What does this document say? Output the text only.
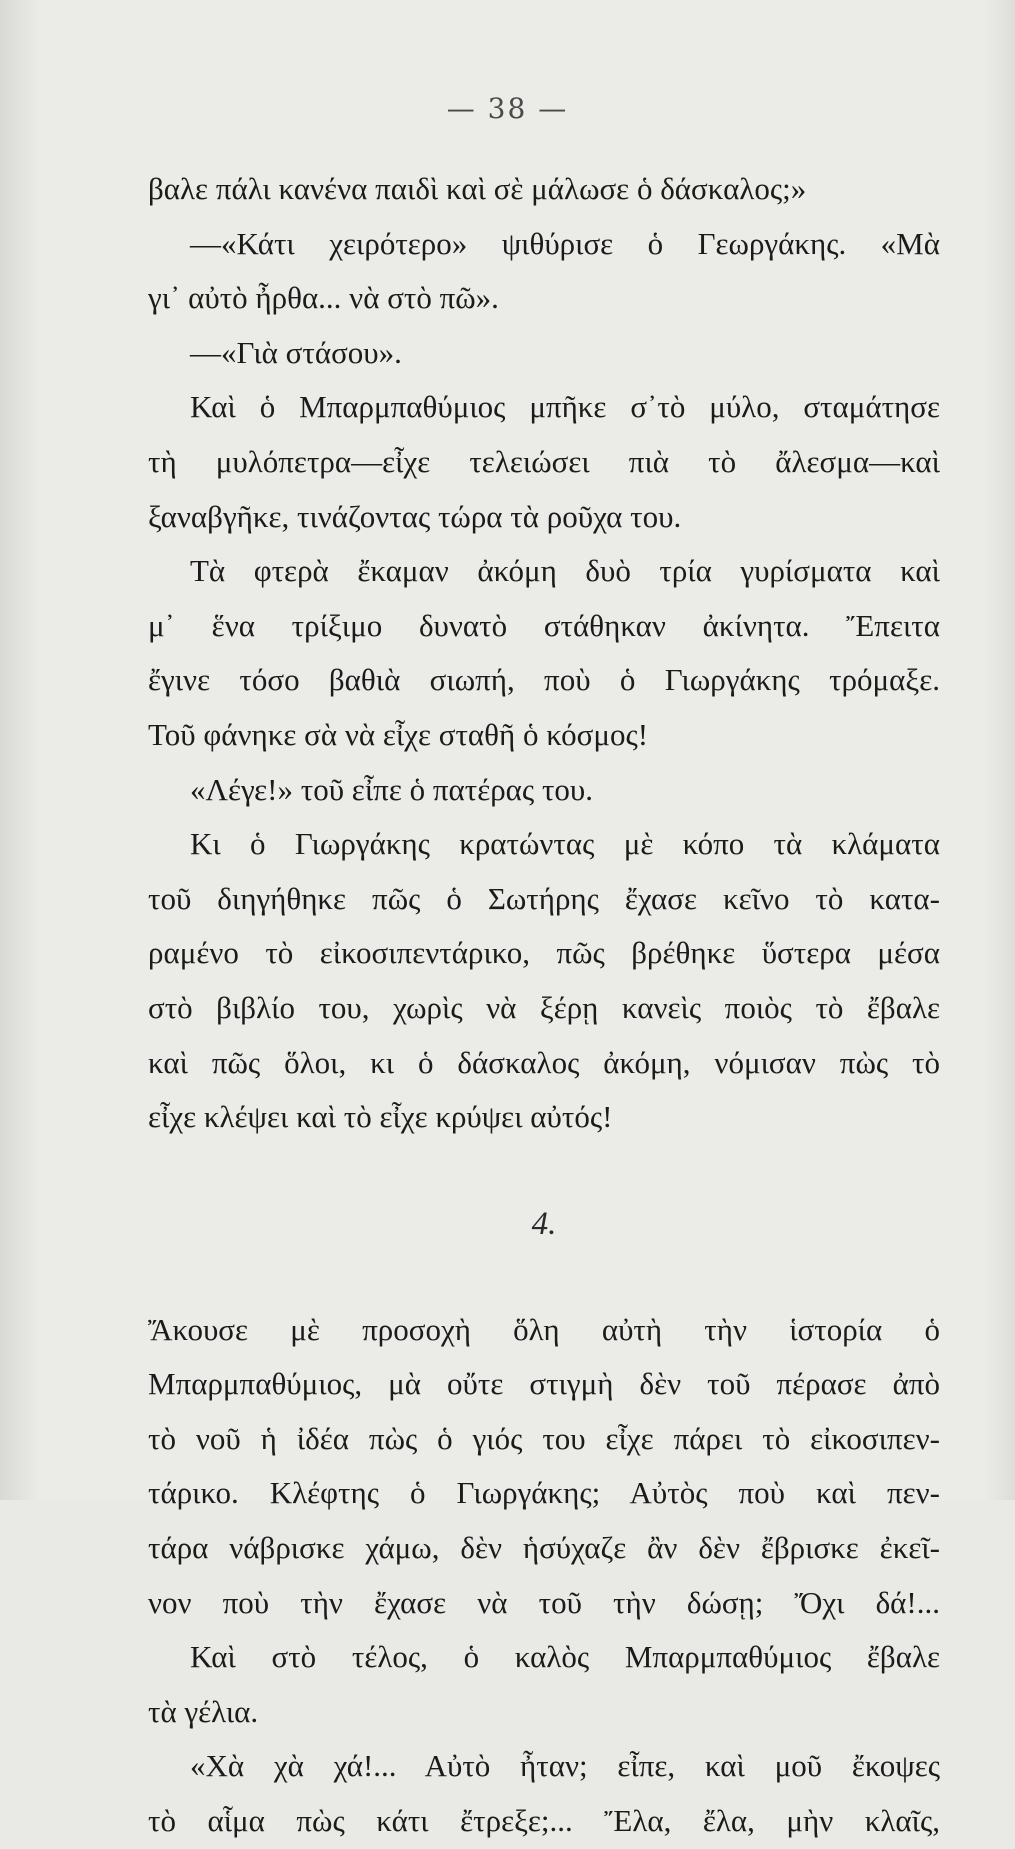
— 38 —
βαλε πάλι κανένα παιδὶ καὶ σὲ μάλωσε ὁ δάσκαλος;»
—«Κάτι χειρότερο» ψιθύρισε ὁ Γεωργάκης. «Μὰ
γι᾽ αὐτὸ ἦρθα... νὰ στὸ πῶ».
—«Γιὰ στάσου».
Καὶ ὁ Μπαρμπαθύμιος μπῆκε σ᾽τὸ μύλο, σταμάτησε
τὴ μυλόπετρα—εἶχε τελειώσει πιὰ τὸ ἄλεσμα—καὶ
ξαναβγῆκε, τινάζοντας τώρα τὰ ροῦχα του.
Τὰ φτερὰ ἔκαμαν ἀκόμη δυὸ τρία γυρίσματα καὶ
μ᾽ ἕνα τρίξιμο δυνατὸ στάθηκαν ἀκίνητα. Ἔπειτα
ἔγινε τόσο βαθιὰ σιωπή, ποὺ ὁ Γιωργάκης τρόμαξε.
Τοῦ φάνηκε σὰ νὰ εἶχε σταθῆ ὁ κόσμος!
«Λέγε!» τοῦ εἶπε ὁ πατέρας του.
Κι ὁ Γιωργάκης κρατώντας μὲ κόπο τὰ κλάματα
τοῦ διηγήθηκε πῶς ὁ Σωτήρης ἔχασε κεῖνο τὸ κατα-
ραμένο τὸ εἰκοσιπεντάρικο, πῶς βρέθηκε ὕστερα μέσα
στὸ βιβλίο του, χωρὶς νὰ ξέρῃ κανεὶς ποιὸς τὸ ἔβαλε
καὶ πῶς ὅλοι, κι ὁ δάσκαλος ἀκόμη, νόμισαν πὼς τὸ
εἶχε κλέψει καὶ τὸ εἶχε κρύψει αὐτός!
4.
Ἄκουσε μὲ προσοχὴ ὅλη αὐτὴ τὴν ἱστορία ὁ
Μπαρμπαθύμιος, μὰ οὔτε στιγμὴ δὲν τοῦ πέρασε ἀπὸ
τὸ νοῦ ἡ ἰδέα πὼς ὁ γιός του εἶχε πάρει τὸ εἰκοσιπεν-
τάρικο. Κλέφτης ὁ Γιωργάκης; Αὐτὸς ποὺ καὶ πεν-
τάρα νάβρισκε χάμω, δὲν ἡσύχαζε ἂν δὲν ἔβρισκε ἐκεῖ-
νον ποὺ τὴν ἔχασε νὰ τοῦ τὴν δώσῃ; Ὄχι δά!...
Καὶ στὸ τέλος, ὁ καλὸς Μπαρμπαθύμιος ἔβαλε
τὰ γέλια.
«Χὰ χὰ χά!... Αὐτὸ ἦταν; εἶπε, καὶ μοῦ ἔκοψες
τὸ αἷμα πὼς κάτι ἔτρεξε;... Ἔλα, ἔλα, μὴν κλαῖς,
